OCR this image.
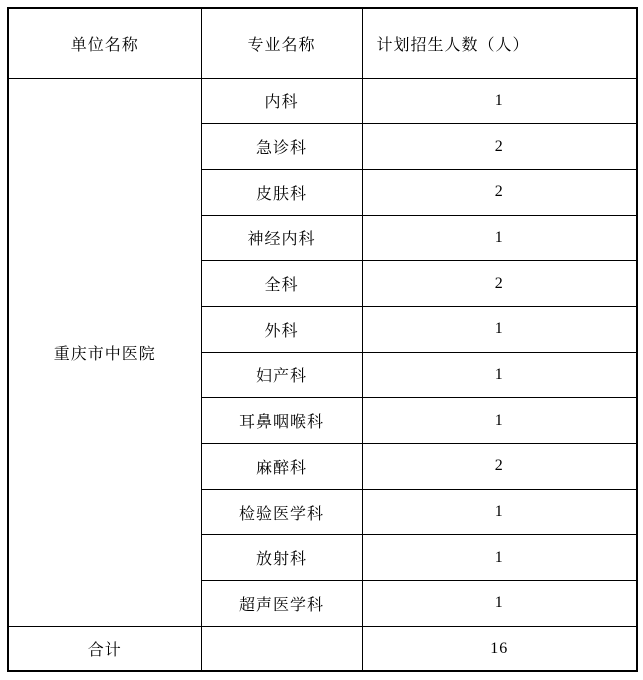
单位名称	专业名称	计划招生人数（人）
重庆市中医院	内科	1
	急诊科	2
	皮肤科	2
	神经内科	1
	全科	2
	外科	1
	妇产科	1
	耳鼻咽喉科	1
	麻醉科	2
	检验医学科	1
	放射科	1
	超声医学科	1
合计		16
